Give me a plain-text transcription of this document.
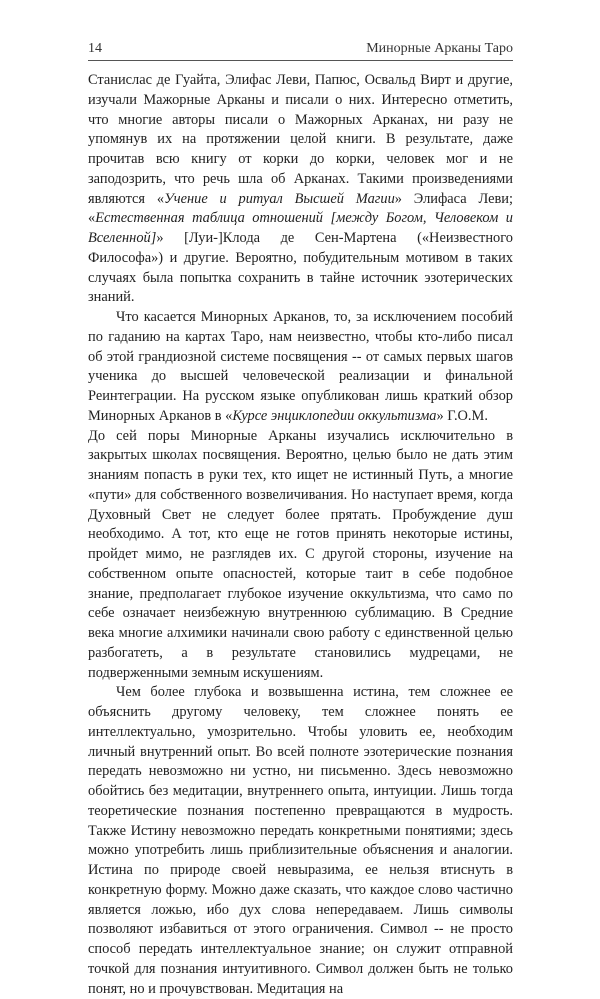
14	Минорные Арканы Таро

Станислас де Гуайта, Элифас Леви, Папюс, Освальд Вирт и другие, изучали Мажорные Арканы и писали о них. Интересно отметить, что многие авторы писали о Мажорных Арканах, ни разу не упомянув их на протяжении целой книги. В результате, даже прочитав всю книгу от корки до корки, человек мог и не заподозрить, что речь шла об Арканах. Такими произведениями являются «Учение и ритуал Высшей Магии» Элифаса Леви; «Естественная таблица отношений [между Богом, Человеком и Вселенной]» [Луи-]Клода де Сен-Мартена («Неизвестного Философа») и другие. Вероятно, побудительным мотивом в таких случаях была попытка сохранить в тайне источник эзотерических знаний.

Что касается Минорных Арканов, то, за исключением пособий по гаданию на картах Таро, нам неизвестно, чтобы кто-либо писал об этой грандиозной системе посвящения -- от самых первых шагов ученика до высшей человеческой реализации и финальной Реинтеграции. На русском языке опубликован лишь краткий обзор Минорных Арканов в «Курсе энциклопедии оккультизма» Г.О.М.

До сей поры Минорные Арканы изучались исключительно в закрытых школах посвящения. Вероятно, целью было не дать этим знаниям попасть в руки тех, кто ищет не истинный Путь, а многие «пути» для собственного возвеличивания. Но наступает время, когда Духовный Свет не следует более прятать. Пробуждение душ необходимо. А тот, кто еще не готов принять некоторые истины, пройдет мимо, не разглядев их. С другой стороны, изучение на собственном опыте опасностей, которые таит в себе подобное знание, предполагает глубокое изучение оккультизма, что само по себе означает неизбежную внутреннюю сублимацию. В Средние века многие алхимики начинали свою работу с единственной целью разбогатеть, а в результате становились мудрецами, не подверженными земным искушениям.

Чем более глубока и возвышенна истина, тем сложнее ее объяснить другому человеку, тем сложнее понять ее интеллектуально, умозрительно. Чтобы уловить ее, необходим личный внутренний опыт. Во всей полноте эзотерические познания передать невозможно ни устно, ни письменно. Здесь невозможно обойтись без медитации, внутреннего опыта, интуиции. Лишь тогда теоретические познания постепенно превращаются в мудрость. Также Истину невозможно передать конкретными понятиями; здесь можно употребить лишь приблизительные объяснения и аналогии. Истина по природе своей невыразима, ее нельзя втиснуть в конкретную форму. Можно даже сказать, что каждое слово частично является ложью, ибо дух слова непередаваем. Лишь символы позволяют избавиться от этого ограничения. Символ -- не просто способ передать интеллектуальное знание; он служит отправной точкой для познания интуитивного. Символ должен быть не только понят, но и прочувствован. Медитация на
